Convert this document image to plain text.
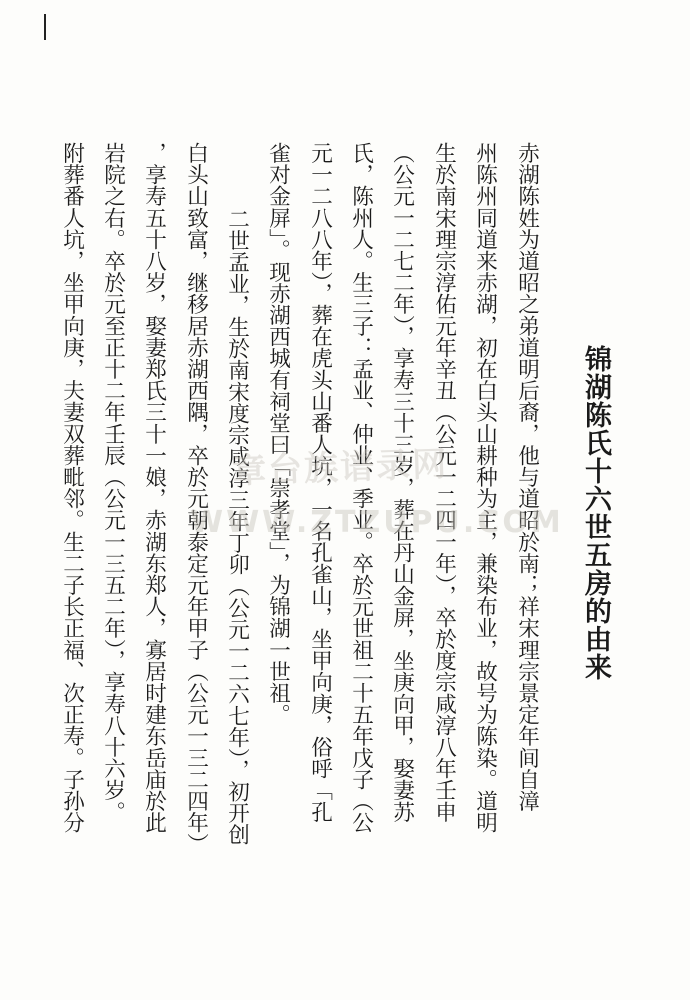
锦湖陈氏十六世五房的由来
赤湖陈姓为道昭之弟道明后裔，他与道昭於南；祥宋理宗景定年间自漳
州陈州同道来赤湖，初在白头山耕种为主，兼染布业，故号为陈染。道明
生於南宋理宗淳佑元年辛丑（公元一二四一年），卒於度宗咸淳八年壬申
（公元一二七二年），享寿三十三岁，葬在丹山金屏，坐庚向甲，娶妻苏
氏，陈州人。生三子：孟业、仲业、季业。卒於元世祖二十五年戊子（公
元一二八八年），葬在虎头山番人坑，一名孔雀山，坐甲向庚，俗呼「孔
雀对金屏」。现赤湖西城有祠堂曰「崇孝堂」，为锦湖一世祖。
二世孟业，生於南宋度宗咸淳三年丁卯（公元一二六七年），初开创
白头山致富，继移居赤湖西隅，卒於元朝泰定元年甲子（公元一三二四年）
，享寿五十八岁，娶妻郑氏三十一娘，赤湖东郑人，寡居时建东岳庙於此
岩院之右。卒於元至正十二年壬辰（公元一三五二年），享寿八十六岁。
附葬番人坑，坐甲向庚，夫妻双葬毗邻。生二子长正福、次正寿。子孙分	章台族谱录网
WWW.ZTZUPU.COM
